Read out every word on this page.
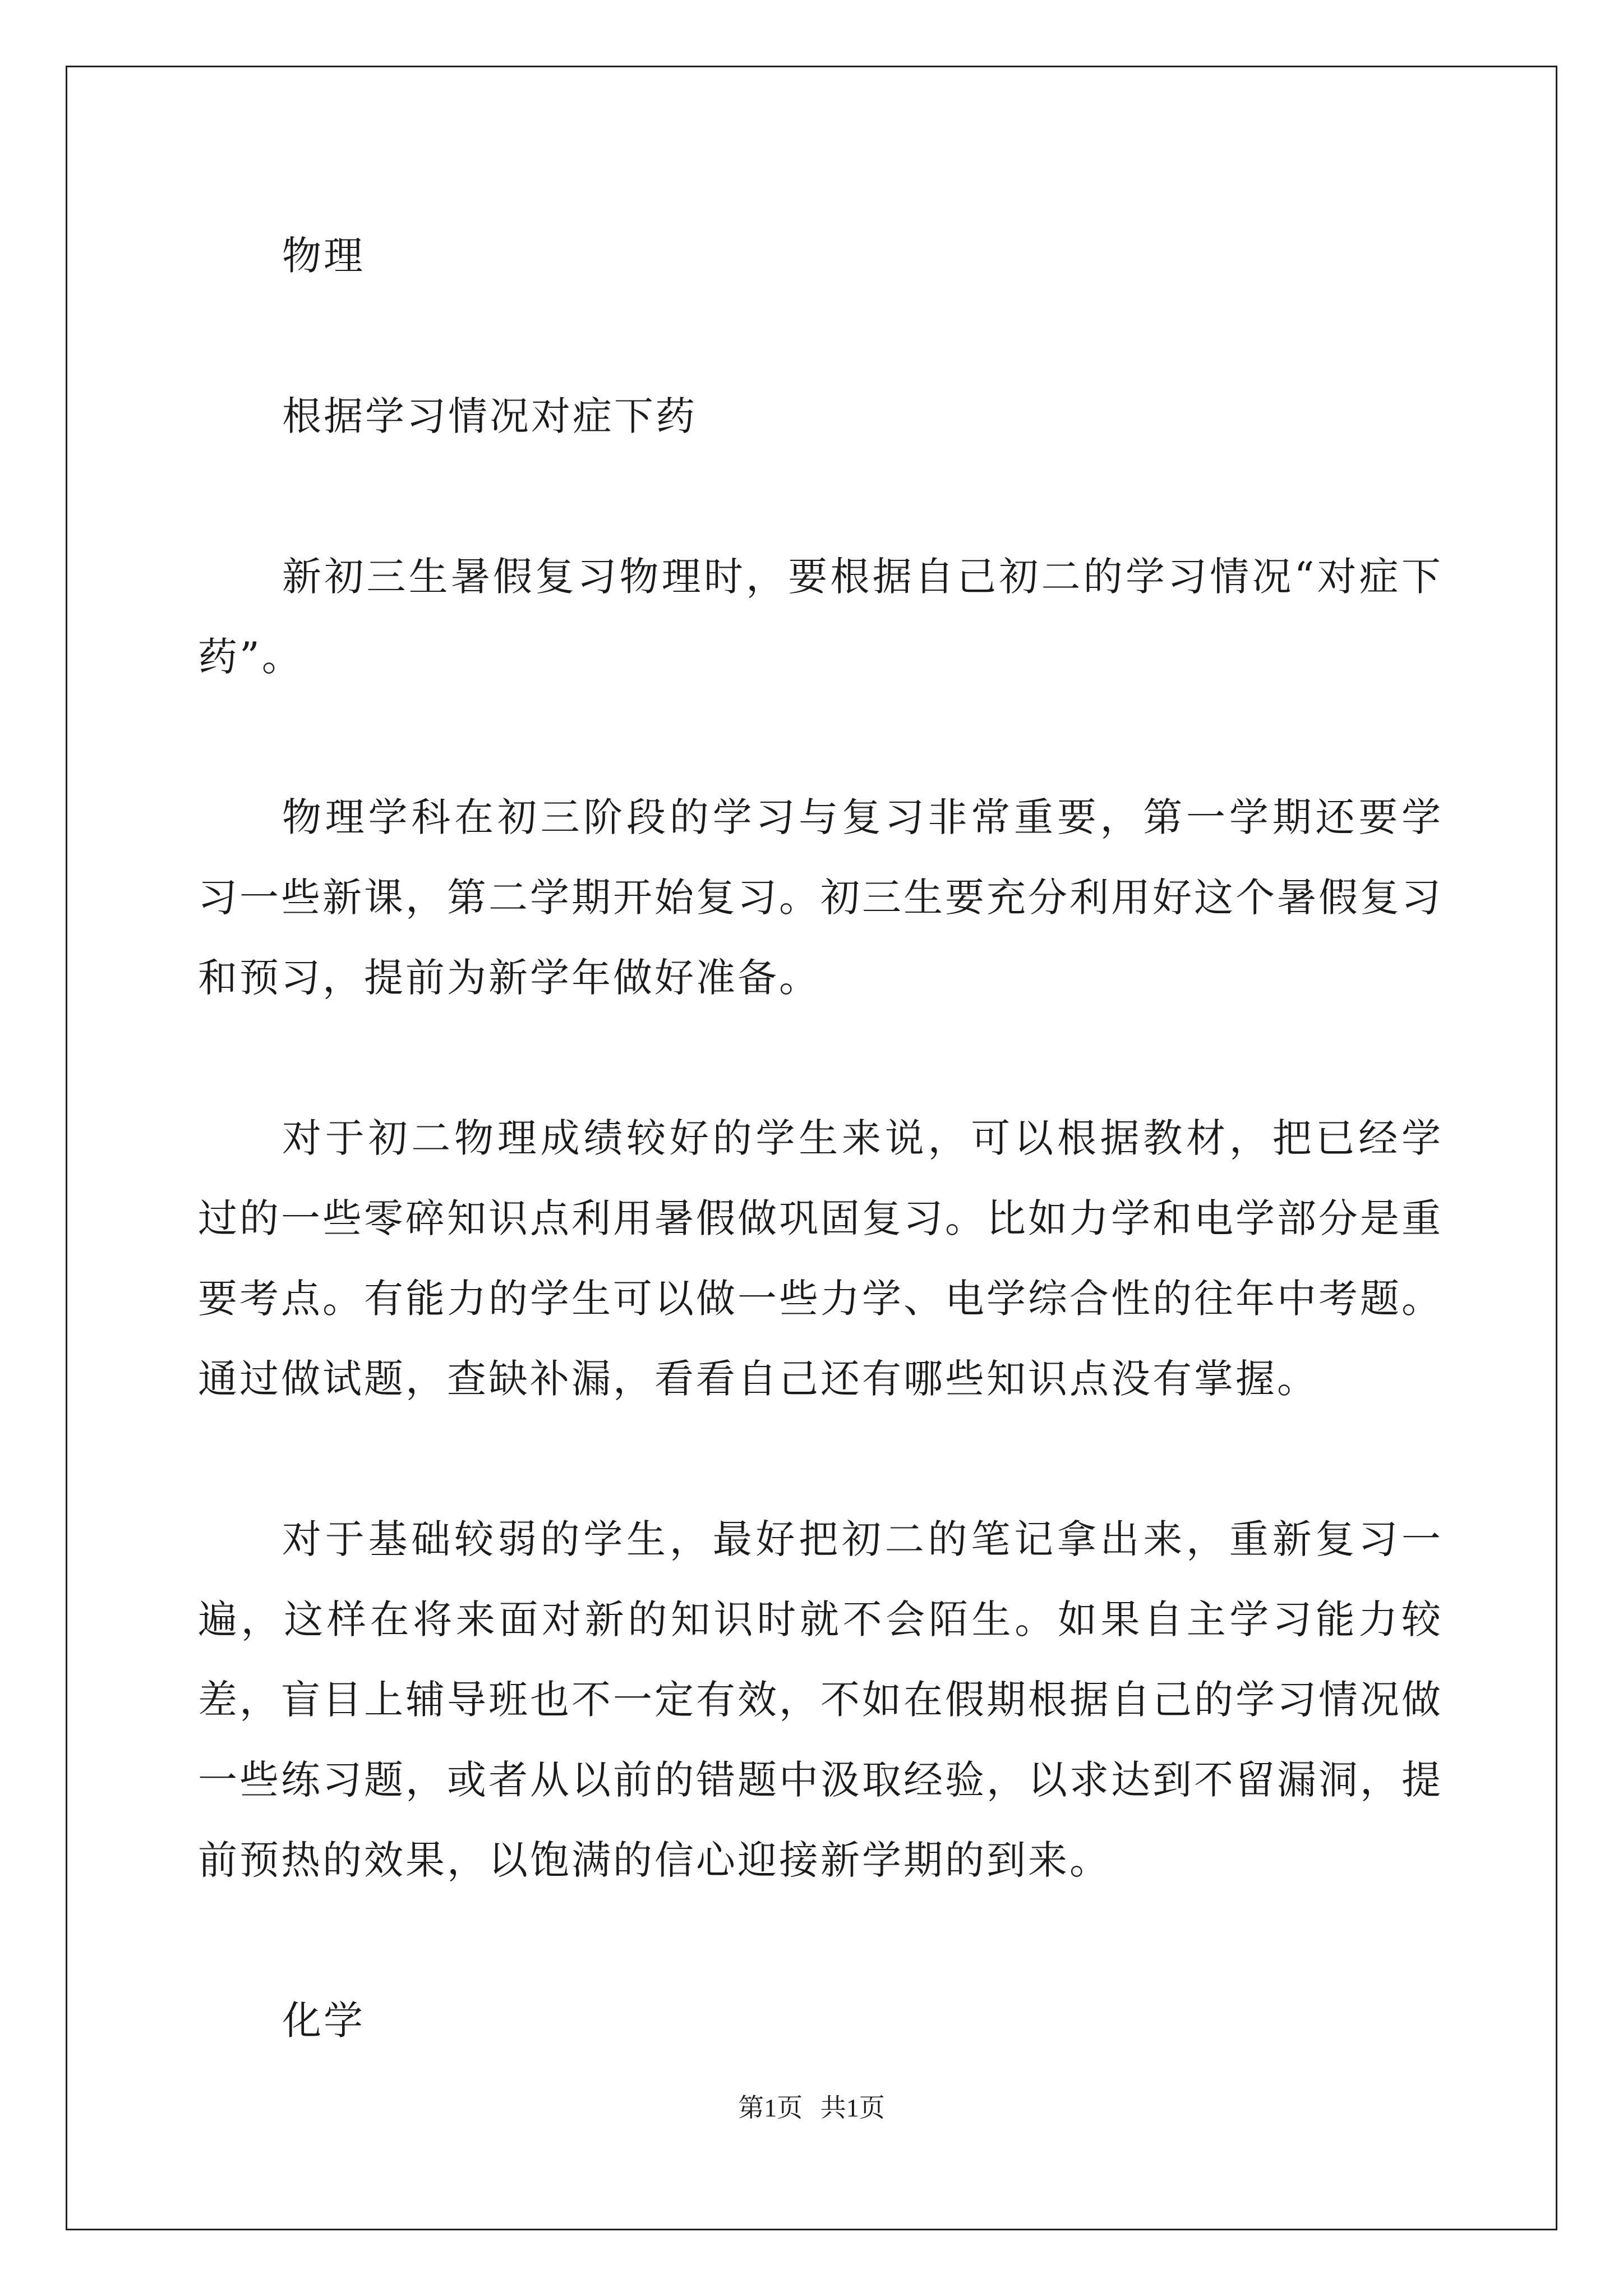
物理

根据学习情况对症下药

新初三生暑假复习物理时，要根据自己初二的学习情况“对症下药”。

物理学科在初三阶段的学习与复习非常重要，第一学期还要学习一些新课，第二学期开始复习。初三生要充分利用好这个暑假复习和预习，提前为新学年做好准备。

对于初二物理成绩较好的学生来说，可以根据教材，把已经学过的一些零碎知识点利用暑假做巩固复习。比如力学和电学部分是重要考点。有能力的学生可以做一些力学、电学综合性的往年中考题。通过做试题，查缺补漏，看看自己还有哪些知识点没有掌握。

对于基础较弱的学生，最好把初二的笔记拿出来，重新复习一遍，这样在将来面对新的知识时就不会陌生。如果自主学习能力较差，盲目上辅导班也不一定有效，不如在假期根据自己的学习情况做一些练习题，或者从以前的错题中汲取经验，以求达到不留漏洞，提前预热的效果，以饱满的信心迎接新学期的到来。

化学

第1页 共1页
